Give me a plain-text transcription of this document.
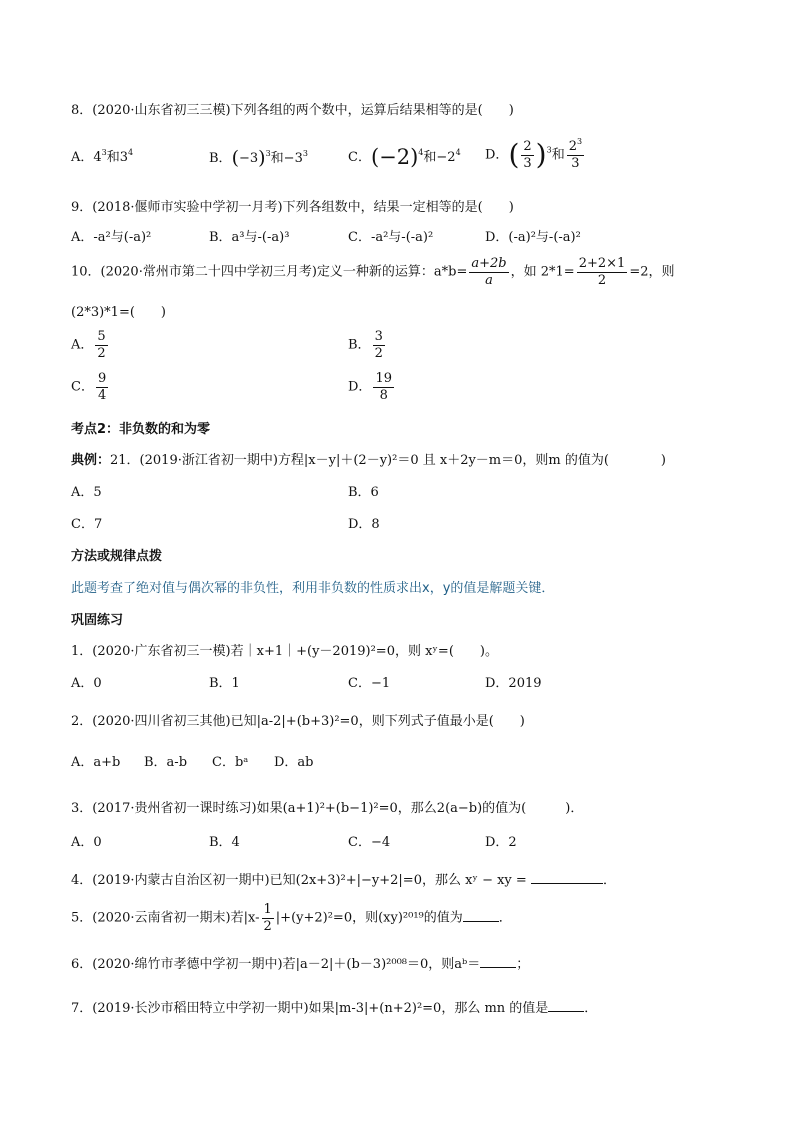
8．(2020·山东省初三三模)下列各组的两个数中，运算后结果相等的是(　　)
A．$4^3$和$3^4$	B．$(-3)^3$和$-3^3$	C．$(-2)^4$和$-2^4$ D．( $\frac{2}{3} )^3$和 $\frac{2^3}{3}$
9．(2018·偃师市实验中学初一月考)下列各组数中，结果一定相等的是(　　)
A．-a²与(-a)²	B．a³与-(-a)³	C．-a²与-(-a)²	D．(-a)²与-(-a)²
10．(2020·常州市第二十四中学初三月考)定义一种新的运算：$a*b= \frac{a+2b}{a}$ ，如 $2*1= \frac{2+2\times 1}{2} =2$，则
(2*3)*1=(　　)
A． $\frac{5}{2}$	B． $\frac{3}{2}$
C． $\frac{9}{4}$	D． $\frac{19}{8}$
考点2：非负数的和为零
典例：21．(2019·浙江省初一期中)方程|x－y|＋(2－y)²＝0 且 x＋2y－m＝0，则m 的值为(　　　　)
A．5	B．6
C．7	D．8
方法或规律点拨
此题考查了绝对值与偶次幂的非负性，利用非负数的性质求出x，y的值是解题关键．
巩固练习
1．(2020·广东省初三一模)若｜x+1｜+(y－2019)²=0，则 xʸ=(　　)。
A．0	B．1	C．−1	D．2019
2．(2020·四川省初三其他)已知|a-2|+(b+3)²=0，则下列式子值最小是(　　)
A．a+b B．a-b C．bᵃ D．ab
3．(2017·贵州省初一课时练习)如果(a+1)²+(b−1)²=0，那么2(a−b)的值为(　　　)．
A．0	B．4	C．−4	D．2
4．(2019·内蒙古自治区初一期中)已知(2x+3)²+|−y+2|=0，那么 xʸ − xy =	．
5．(2020·云南省初一期末)若$|x- \frac{1}{2} |+(y+2)^2=0$，则(xy)²⁰¹⁹的值为	．
6．(2020·绵竹市孝德中学初一期中)若|a－2|＋(b－3)²⁰⁰⁸＝0，则aᵇ＝	；
7．(2019·长沙市稻田特立中学初一期中)如果|m-3|+(n+2)²=0，那么 mn 的值是	．
